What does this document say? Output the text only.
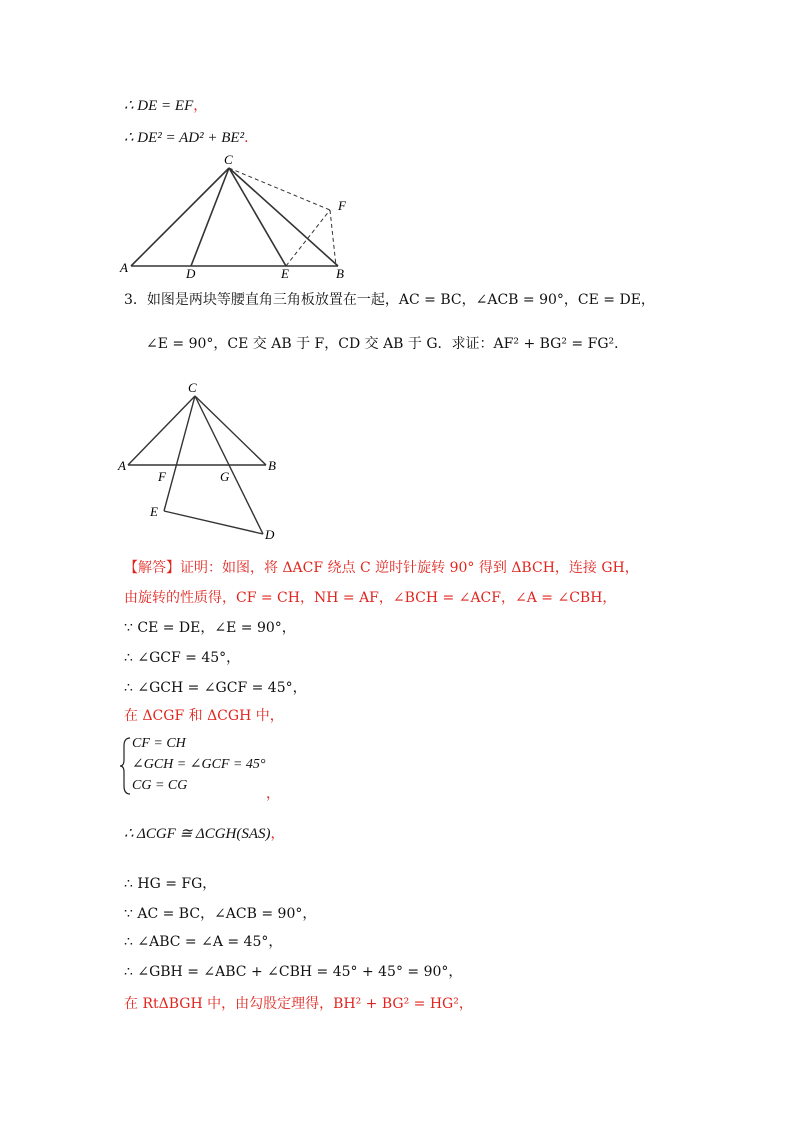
∴ DE = EF，
∴ DE² = AD² + BE²．
C
F
A	D	E	B
3．如图是两块等腰直角三角板放置在一起，AC = BC，∠ACB = 90°，CE = DE，
∠E = 90°，CE 交 AB 于 F，CD 交 AB 于 G．求证：AF² + BG² = FG²．
C
A	B
F	G
E
D
【解答】证明：如图，将 ΔACF 绕点 C 逆时针旋转 90° 得到 ΔBCH，连接 GH，
由旋转的性质得，CF = CH，NH = AF，∠BCH = ∠ACF，∠A = ∠CBH，
∵ CE = DE，∠E = 90°，
∴ ∠GCF = 45°，
∴ ∠GCH = ∠GCF = 45°，
在 ΔCGF 和 ΔCGH 中，
CF = CH
∠GCH = ∠GCF = 45°
CG = CG
，
∴ ΔCGF ≅ ΔCGH(SAS)，
∴ HG = FG，
∵ AC = BC，∠ACB = 90°，
∴ ∠ABC = ∠A = 45°，
∴ ∠GBH = ∠ABC + ∠CBH = 45° + 45° = 90°，
在 RtΔBGH 中，由勾股定理得，BH² + BG² = HG²，
